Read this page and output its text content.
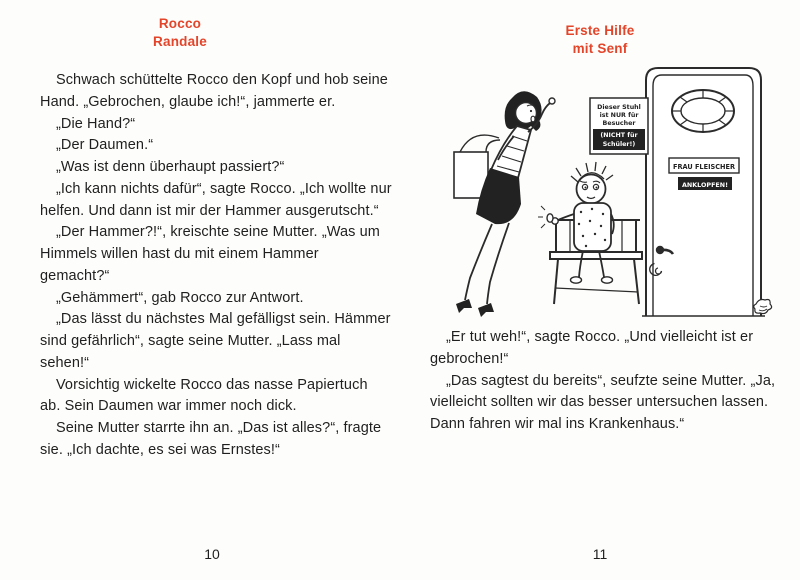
Rocco
Randale
Erste Hilfe
mit Senf

Schwach schüttelte Rocco den Kopf und hob seine Hand. „Gebrochen, glaube ich!“, jammerte er.

„Die Hand?“

„Der Daumen.“

„Was ist denn überhaupt passiert?“

„Ich kann nichts dafür“, sagte Rocco. „Ich wollte nur helfen. Und dann ist mir der Hammer ausgerutscht.“

„Der Hammer?!“, kreischte seine Mutter. „Was um Himmels willen hast du mit einem Hammer gemacht?“

„Gehämmert“, gab Rocco zur Antwort.

„Das lässt du nächstes Mal gefälligst sein. Hämmer sind gefährlich“, sagte seine Mutter. „Lass mal sehen!“

Vorsichtig wickelte Rocco das nasse Papiertuch ab. Sein Daumen war immer noch dick.

Seine Mutter starrte ihn an. „Das ist alles?“, fragte sie. „Ich dachte, es sei was Ernstes!“

FRAU FLEISCHER
ANKLOPFEN!
Dieser Stuhl
ist NUR für
Besucher
(NICHT für
Schüler!)

„Er tut weh!“, sagte Rocco. „Und vielleicht ist er gebrochen!“

„Das sagtest du bereits“, seufzte seine Mutter. „Ja, vielleicht sollten wir das besser untersuchen lassen. Dann fahren wir mal ins Krankenhaus.“

10	11
